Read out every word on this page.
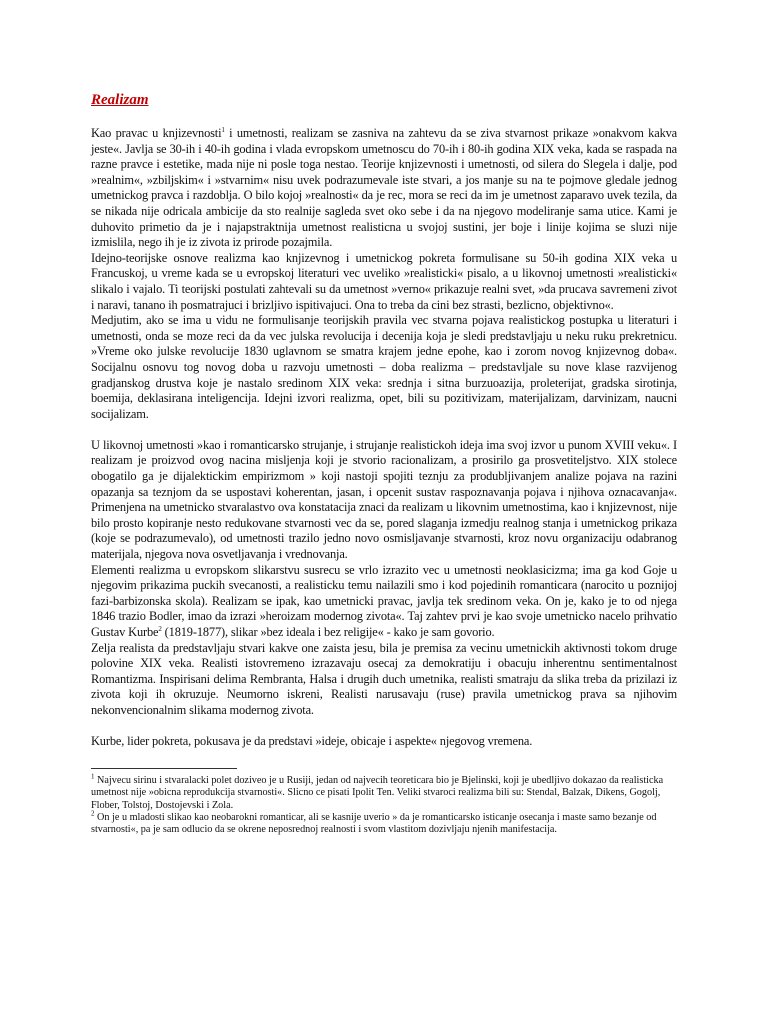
Realizam

Kao pravac u knjizevnosti$^1$ i umetnosti, realizam se zasniva na zahtevu da se ziva stvarnost prikaze »onakvom kakva jeste«. Javlja se 30-ih i 40-ih godina i vlada evropskom umetnoscu do 70-ih i 80-ih godina XIX veka, kada se raspada na razne pravce i estetike, mada nije ni posle toga nestao. Teorije knjizevnosti i umetnosti, od silera do Slegela i dalje, pod »realnim«, »zbiljskim« i »stvarnim« nisu uvek podrazumevale iste stvari, a jos manje su na te pojmove gledale jednog umetnickog pravca i razdoblja. O bilo kojoj »realnosti« da je rec, mora se reci da im je umetnost zaparavo uvek tezila, da se nikada nije odricala ambicije da sto realnije sagleda svet oko sebe i da na njegovo modeliranje sama utice. Kami je duhovito primetio da je i najapstraktnija umetnost realisticna u svojoj sustini, jer boje i linije kojima se sluzi nije izmislila, nego ih je iz zivota iz prirode pozajmila.

Idejno-teorijske osnove realizma kao knjizevnog i umetnickog pokreta formulisane su 50-ih godina XIX veka u Francuskoj, u vreme kada se u evropskoj literaturi vec uveliko »realisticki« pisalo, a u likovnoj umetnosti »realisticki« slikalo i vajalo. Ti teorijski postulati zahtevali su da umetnost »verno« prikazuje realni svet, »da prucava savremeni zivot i naravi, tanano ih posmatrajuci i brizljivo ispitivajuci. Ona to treba da cini bez strasti, bezlicno, objektivno«.

Medjutim, ako se ima u vidu ne formulisanje teorijskih pravila vec stvarna pojava realistickog postupka u literaturi i umetnosti, onda se moze reci da da vec julska revolucija i decenija koja je sledi predstavljaju u neku ruku prekretnicu. »Vreme oko julske revolucije 1830 uglavnom se smatra krajem jedne epohe, kao i zorom novog knjizevnog doba«. Socijalnu osnovu tog novog doba u razvoju umetnosti – doba realizma – predstavljale su nove klase razvijenog gradjanskog drustva koje je nastalo sredinom XIX veka: srednja i sitna burzuoazija, proleterijat, gradska sirotinja, boemija, deklasirana inteligencija. Idejni izvori realizma, opet, bili su pozitivizam, materijalizam, darvinizam, naucni socijalizam.

U likovnoj umetnosti »kao i romanticarsko strujanje, i strujanje realistickoh ideja ima svoj izvor u punom XVIII veku«. I realizam je proizvod ovog nacina misljenja koji je stvorio racionalizam, a prosirilo ga prosvetiteljstvo. XIX stolece obogatilo ga je dijalektickim empirizmom » koji nastoji spojiti teznju za produbljivanjem analize pojava na razini opazanja sa teznjom da se uspostavi koherentan, jasan, i opcenit sustav raspoznavanja pojava i njihova oznacavanja«. Primenjena na umetnicko stvaralastvo ova konstatacija znaci da realizam u likovnim umetnostima, kao i knjizevnost, nije bilo prosto kopiranje nesto redukovane stvarnosti vec da se, pored slaganja izmedju realnog stanja i umetnickog prikaza (koje se podrazumevalo), od umetnosti trazilo jedno novo osmisljavanje stvarnosti, kroz novu organizaciju odabranog materijala, njegova nova osvetljavanja i vrednovanja.

Elementi realizma u evropskom slikarstvu susrecu se vrlo izrazito vec u umetnosti neoklasicizma; ima ga kod Goje u njegovim prikazima puckih svecanosti, a realisticku temu nailazili smo i kod pojedinih romanticara (narocito u poznijoj fazi-barbizonska skola). Realizam se ipak, kao umetnicki pravac, javlja tek sredinom veka. On je, kako je to od njega 1846 trazio Bodler, imao da izrazi »heroizam modernog zivota«. Taj zahtev prvi je kao svoje umetnicko nacelo prihvatio Gustav Kurbe$^2$ (1819-1877), slikar »bez ideala i bez religije« - kako je sam govorio.

Zelja realista da predstavljaju stvari kakve one zaista jesu, bila je premisa za vecinu umetnickih aktivnosti tokom druge polovine XIX veka. Realisti istovremeno izrazavaju osecaj za demokratiju i obacuju inherentnu sentimentalnost Romantizma. Inspirisani delima Rembranta, Halsa i drugih duch umetnika, realisti smatraju da slika treba da prizilazi iz zivota koji ih okruzuje. Neumorno iskreni, Realisti narusavaju (ruse) pravila umetnickog prava sa njihovim nekonvencionalnim slikama modernog zivota.

Kurbe, lider pokreta, pokusava je da predstavi »ideje, obicaje i aspekte« njegovog vremena.

$^1$ Najvecu sirinu i stvaralacki polet doziveo je u Rusiji, jedan od najvecih teoreticara bio je Bjelinski, koji je ubedljivo dokazao da realisticka umetnost nije »obicna reprodukcija stvarnosti«. Slicno ce pisati Ipolit Ten. Veliki stvaroci realizma bili su: Stendal, Balzak, Dikens, Gogolj, Flober, Tolstoj, Dostojevski i Zola.

$^2$ On je u mladosti slikao kao neobarokni romanticar, ali se kasnije uverio » da je romanticarsko isticanje osecanja i maste samo bezanje od stvarnosti«, pa je sam odlucio da se okrene neposrednoj realnosti i svom vlastitom dozivljaju njenih manifestacija.
